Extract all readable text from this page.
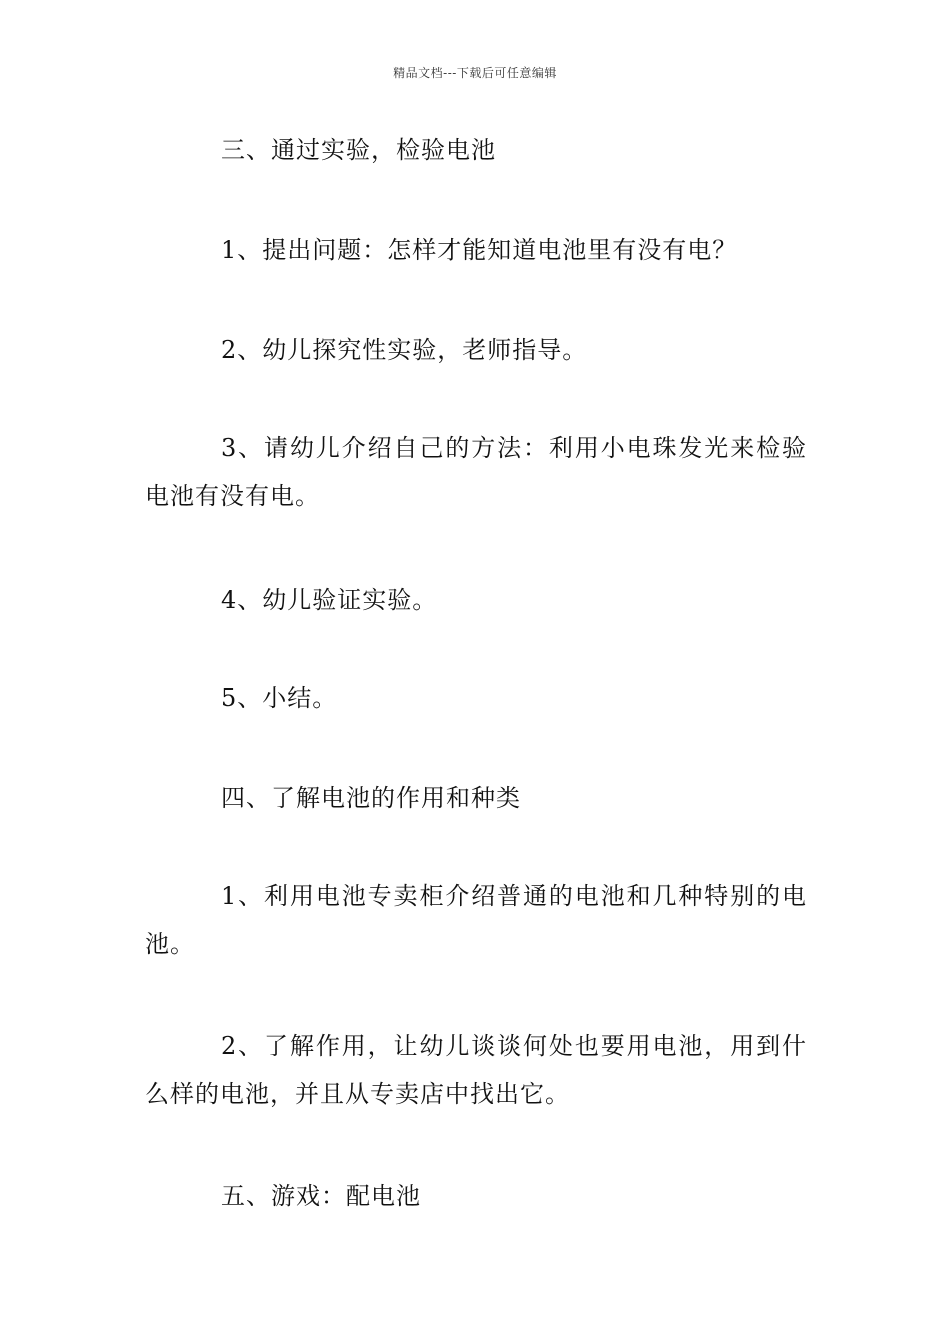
精品文档---下载后可任意编辑

三、通过实验，检验电池

1、提出问题：怎样才能知道电池里有没有电？

2、幼儿探究性实验，老师指导。

3、请幼儿介绍自己的方法：利用小电珠发光来检验电池有没有电。

4、幼儿验证实验。

5、小结。

四、了解电池的作用和种类

1、利用电池专卖柜介绍普通的电池和几种特别的电池。

2、了解作用，让幼儿谈谈何处也要用电池，用到什么样的电池，并且从专卖店中找出它。

五、游戏：配电池
